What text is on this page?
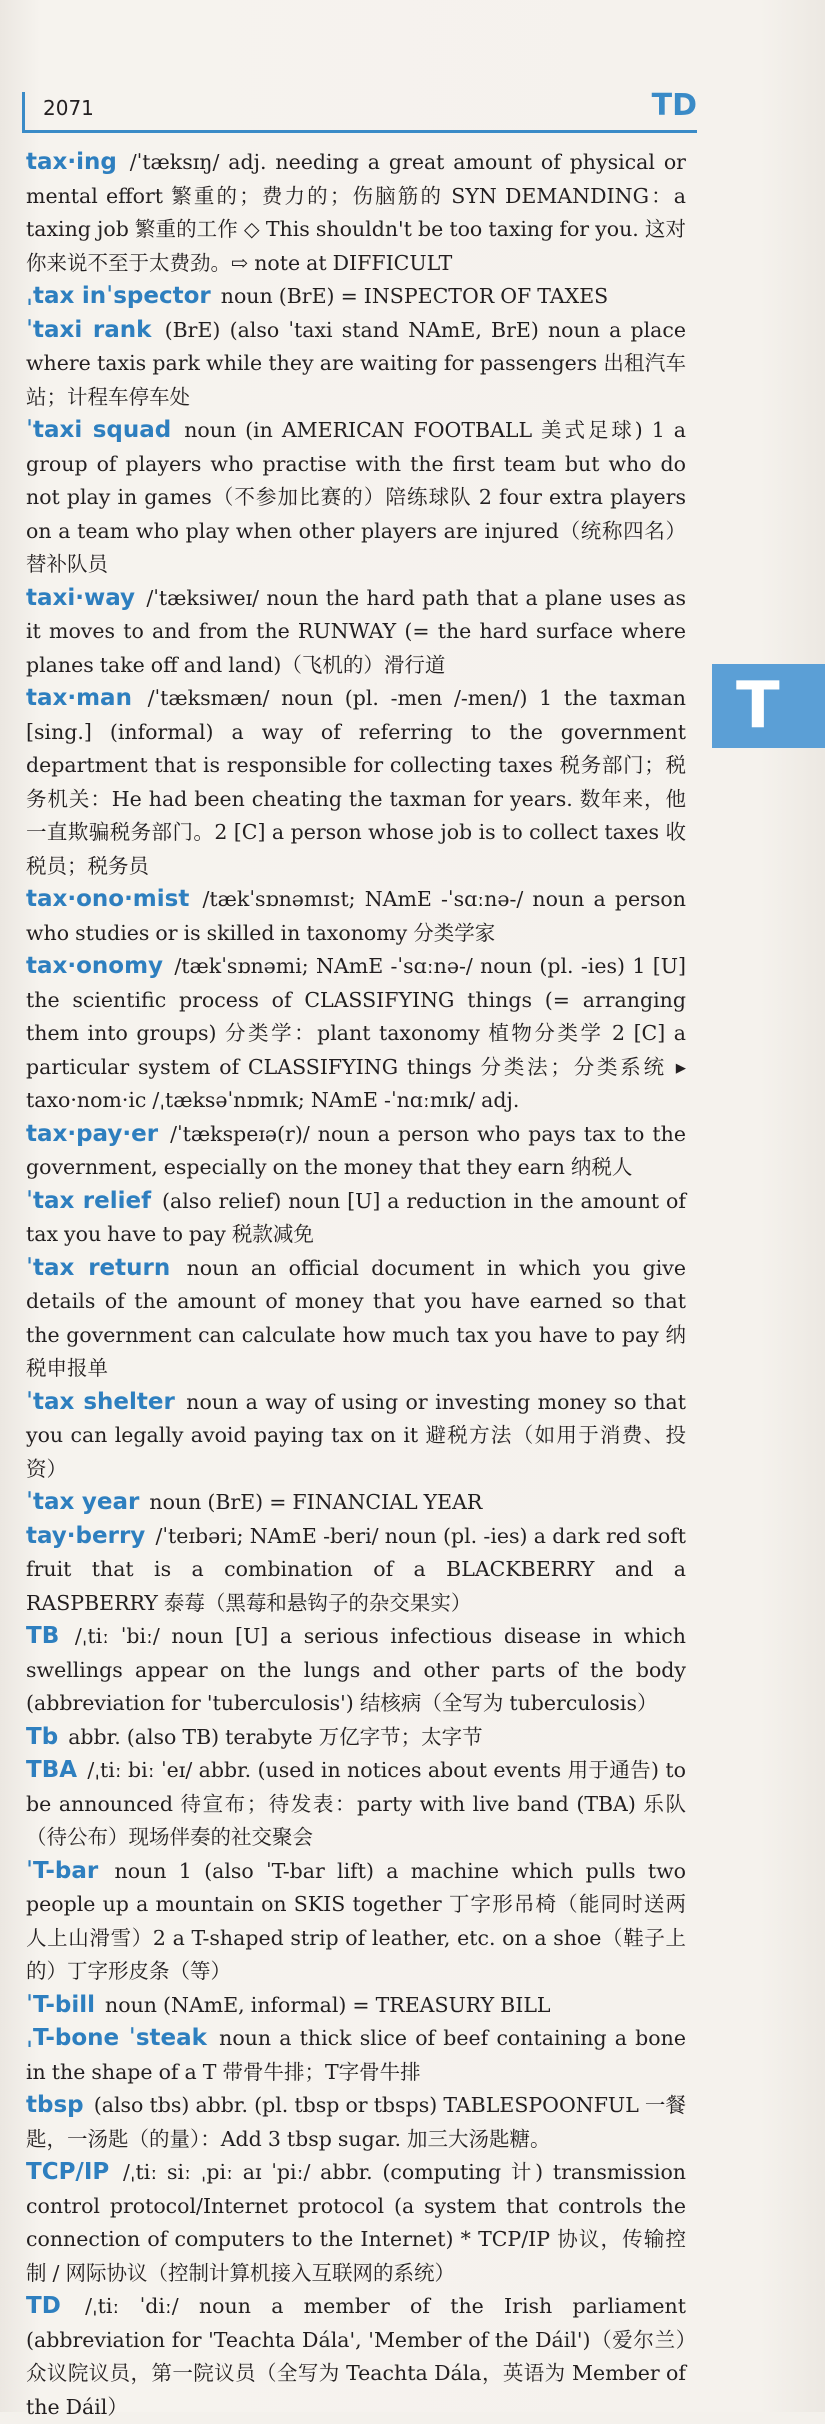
2071	TD
T

tax·ing /ˈtæksɪŋ/ adj. needing a great amount of physical or mental effort 繁重的；费力的；伤脑筋的 SYN DEMANDING：a taxing job 繁重的工作 ◇ This shouldn't be too taxing for you. 这对你来说不至于太费劲。⇨ note at DIFFICULT

ˌtax inˈspector noun (BrE) = INSPECTOR OF TAXES

ˈtaxi rank (BrE) (also ˈtaxi stand NAmE, BrE) noun a place where taxis park while they are waiting for passengers 出租汽车站；计程车停车处

ˈtaxi squad noun (in AMERICAN FOOTBALL 美式足球) 1 a group of players who practise with the first team but who do not play in games（不参加比赛的）陪练球队 2 four extra players on a team who play when other players are injured（统称四名）替补队员

taxi·way /ˈtæksiweɪ/ noun the hard path that a plane uses as it moves to and from the RUNWAY (= the hard surface where planes take off and land)（飞机的）滑行道

tax·man /ˈtæksmæn/ noun (pl. -men /-men/) 1 the taxman [sing.] (informal) a way of referring to the government department that is responsible for collecting taxes 税务部门；税务机关：He had been cheating the taxman for years. 数年来，他一直欺骗税务部门。2 [C] a person whose job is to collect taxes 收税员；税务员

tax·ono·mist /tækˈsɒnəmɪst; NAmE -ˈsɑːnə-/ noun a person who studies or is skilled in taxonomy 分类学家

tax·onomy /tækˈsɒnəmi; NAmE -ˈsɑːnə-/ noun (pl. -ies) 1 [U] the scientific process of CLASSIFYING things (= arranging them into groups) 分类学：plant taxonomy 植物分类学 2 [C] a particular system of CLASSIFYING things 分类法；分类系统 ▸ taxo·nom·ic /ˌtæksəˈnɒmɪk; NAmE -ˈnɑːmɪk/ adj.

tax·pay·er /ˈtækspeɪə(r)/ noun a person who pays tax to the government, especially on the money that they earn 纳税人

ˈtax relief (also relief) noun [U] a reduction in the amount of tax you have to pay 税款减免

ˈtax return noun an official document in which you give details of the amount of money that you have earned so that the government can calculate how much tax you have to pay 纳税申报单

ˈtax shelter noun a way of using or investing money so that you can legally avoid paying tax on it 避税方法（如用于消费、投资）

ˈtax year noun (BrE) = FINANCIAL YEAR

tay·berry /ˈteɪbəri; NAmE -beri/ noun (pl. -ies) a dark red soft fruit that is a combination of a BLACKBERRY and a RASPBERRY 泰莓（黑莓和悬钩子的杂交果实）

TB /ˌtiː ˈbiː/ noun [U] a serious infectious disease in which swellings appear on the lungs and other parts of the body (abbreviation for 'tuberculosis') 结核病（全写为 tuberculosis）

Tb abbr. (also TB) terabyte 万亿字节；太字节

TBA /ˌtiː biː ˈeɪ/ abbr. (used in notices about events 用于通告) to be announced 待宣布；待发表：party with live band (TBA) 乐队（待公布）现场伴奏的社交聚会

ˈT-bar noun 1 (also ˈT-bar lift) a machine which pulls two people up a mountain on SKIS together 丁字形吊椅（能同时送两人上山滑雪）2 a T-shaped strip of leather, etc. on a shoe（鞋子上的）丁字形皮条（等）

ˈT-bill noun (NAmE, informal) = TREASURY BILL

ˌT-bone ˈsteak noun a thick slice of beef containing a bone in the shape of a T 带骨牛排；T字骨牛排

tbsp (also tbs) abbr. (pl. tbsp or tbsps) TABLESPOONFUL 一餐匙，一汤匙（的量）：Add 3 tbsp sugar. 加三大汤匙糖。

TCP/IP /ˌtiː siː ˌpiː aɪ ˈpiː/ abbr. (computing 计) transmission control protocol/Internet protocol (a system that controls the connection of computers to the Internet) * TCP/IP 协议，传输控制 / 网际协议（控制计算机接入互联网的系统）

TD /ˌtiː ˈdiː/ noun a member of the Irish parliament (abbreviation for 'Teachta Dála', 'Member of the Dáil')（爱尔兰）众议院议员，第一院议员（全写为 Teachta Dála，英语为 Member of the Dáil）
